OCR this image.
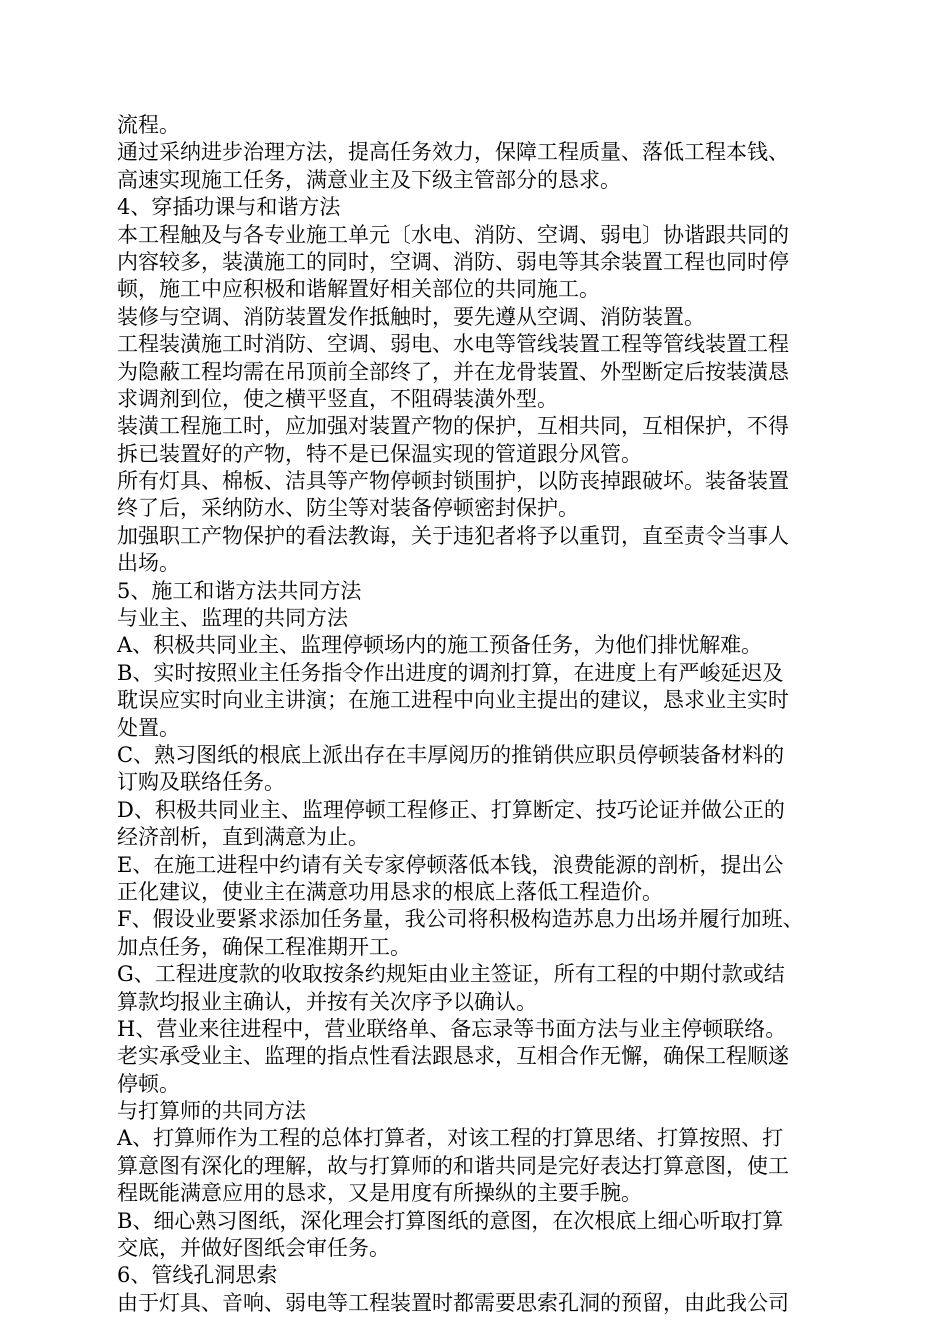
流程。
通过采纳进步治理方法，提高任务效力，保障工程质量、落低工程本钱、
高速实现施工任务，满意业主及下级主管部分的恳求。
4、穿插功课与和谐方法
本工程触及与各专业施工单元〔水电、消防、空调、弱电〕协谐跟共同的
内容较多，装潢施工的同时，空调、消防、弱电等其余装置工程也同时停
顿，施工中应积极和谐解置好相关部位的共同施工。
装修与空调、消防装置发作抵触时，要先遵从空调、消防装置。
工程装潢施工时消防、空调、弱电、水电等管线装置工程等管线装置工程
为隐蔽工程均需在吊顶前全部终了，并在龙骨装置、外型断定后按装潢恳
求调剂到位，使之横平竖直，不阻碍装潢外型。
装潢工程施工时，应加强对装置产物的保护，互相共同，互相保护，不得
拆已装置好的产物，特不是已保温实现的管道跟分风管。
所有灯具、棉板、洁具等产物停顿封锁围护，以防丧掉跟破坏。装备装置
终了后，采纳防水、防尘等对装备停顿密封保护。
加强职工产物保护的看法教诲，关于违犯者将予以重罚，直至责令当事人
出场。
5、施工和谐方法共同方法
与业主、监理的共同方法
A、积极共同业主、监理停顿场内的施工预备任务，为他们排忧解难。
B、实时按照业主任务指令作出进度的调剂打算，在进度上有严峻延迟及
耽误应实时向业主讲演；在施工进程中向业主提出的建议，恳求业主实时
处置。
C、熟习图纸的根底上派出存在丰厚阅历的推销供应职员停顿装备材料的
订购及联络任务。
D、积极共同业主、监理停顿工程修正、打算断定、技巧论证并做公正的
经济剖析，直到满意为止。
E、在施工进程中约请有关专家停顿落低本钱，浪费能源的剖析，提出公
正化建议，使业主在满意功用恳求的根底上落低工程造价。
F、假设业要紧求添加任务量，我公司将积极构造苏息力出场并履行加班、
加点任务，确保工程准期开工。
G、工程进度款的收取按条约规矩由业主签证，所有工程的中期付款或结
算款均报业主确认，并按有关次序予以确认。
H、营业来往进程中，营业联络单、备忘录等书面方法与业主停顿联络。
老实承受业主、监理的指点性看法跟恳求，互相合作无懈，确保工程顺遂
停顿。
与打算师的共同方法
A、打算师作为工程的总体打算者，对该工程的打算思绪、打算按照、打
算意图有深化的理解，故与打算师的和谐共同是完好表达打算意图，使工
程既能满意应用的恳求，又是用度有所操纵的主要手腕。
B、细心熟习图纸，深化理会打算图纸的意图，在次根底上细心听取打算
交底，并做好图纸会审任务。
6、管线孔洞思索
由于灯具、音响、弱电等工程装置时都需要思索孔洞的预留，由此我公司
